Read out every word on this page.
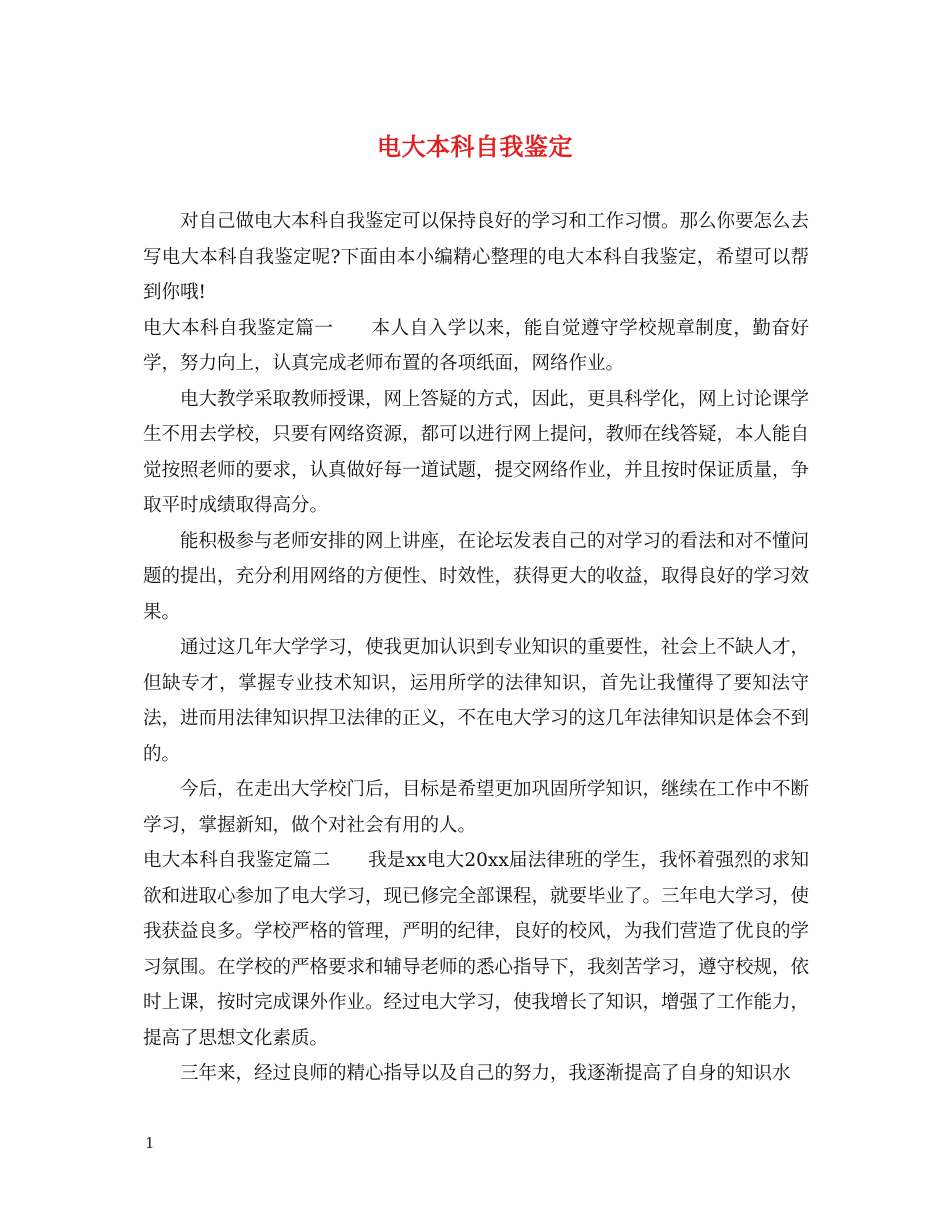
电大本科自我鉴定

对自己做电大本科自我鉴定可以保持良好的学习和工作习惯。那么你要怎么去写电大本科自我鉴定呢?下面由本小编精心整理的电大本科自我鉴定，希望可以帮到你哦!

电大本科自我鉴定篇一　　本人自入学以来，能自觉遵守学校规章制度，勤奋好学，努力向上，认真完成老师布置的各项纸面，网络作业。

电大教学采取教师授课，网上答疑的方式，因此，更具科学化，网上讨论课学生不用去学校，只要有网络资源，都可以进行网上提问，教师在线答疑，本人能自觉按照老师的要求，认真做好每一道试题，提交网络作业，并且按时保证质量，争取平时成绩取得高分。

能积极参与老师安排的网上讲座，在论坛发表自己的对学习的看法和对不懂问题的提出，充分利用网络的方便性、时效性，获得更大的收益，取得良好的学习效果。

通过这几年大学学习，使我更加认识到专业知识的重要性，社会上不缺人才，但缺专才，掌握专业技术知识，运用所学的法律知识，首先让我懂得了要知法守法，进而用法律知识捍卫法律的正义，不在电大学习的这几年法律知识是体会不到的。

今后，在走出大学校门后，目标是希望更加巩固所学知识，继续在工作中不断学习，掌握新知，做个对社会有用的人。

电大本科自我鉴定篇二　　我是xx电大20xx届法律班的学生，我怀着强烈的求知欲和进取心参加了电大学习，现已修完全部课程，就要毕业了。三年电大学习，使我获益良多。学校严格的管理，严明的纪律，良好的校风，为我们营造了优良的学习氛围。在学校的严格要求和辅导老师的悉心指导下，我刻苦学习，遵守校规，依时上课，按时完成课外作业。经过电大学习，使我增长了知识，增强了工作能力，提高了思想文化素质。

三年来，经过良师的精心指导以及自己的努力，我逐渐提高了自身的知识水

1
